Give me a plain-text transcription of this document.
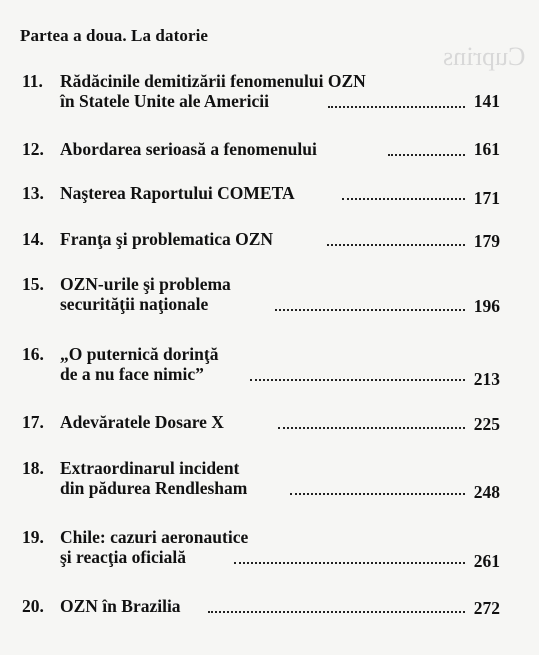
Cuprins
Partea a doua. La datorie
11. Rădăcinile demitizării fenomenului OZN
în Statele Unite ale Americii	141
12. Abordarea serioasă a fenomenului	161
13. Naşterea Raportului COMETA	171
14. Franţa şi problematica OZN	179
15. OZN-urile şi problema
securităţii naţionale	196
16. „O puternică dorinţă
de a nu face nimic”	213
17. Adevăratele Dosare X	225
18. Extraordinarul incident
din pădurea Rendlesham	248
19. Chile: cazuri aeronautice
şi reacţia oficială	261
20. OZN în Brazilia	272
